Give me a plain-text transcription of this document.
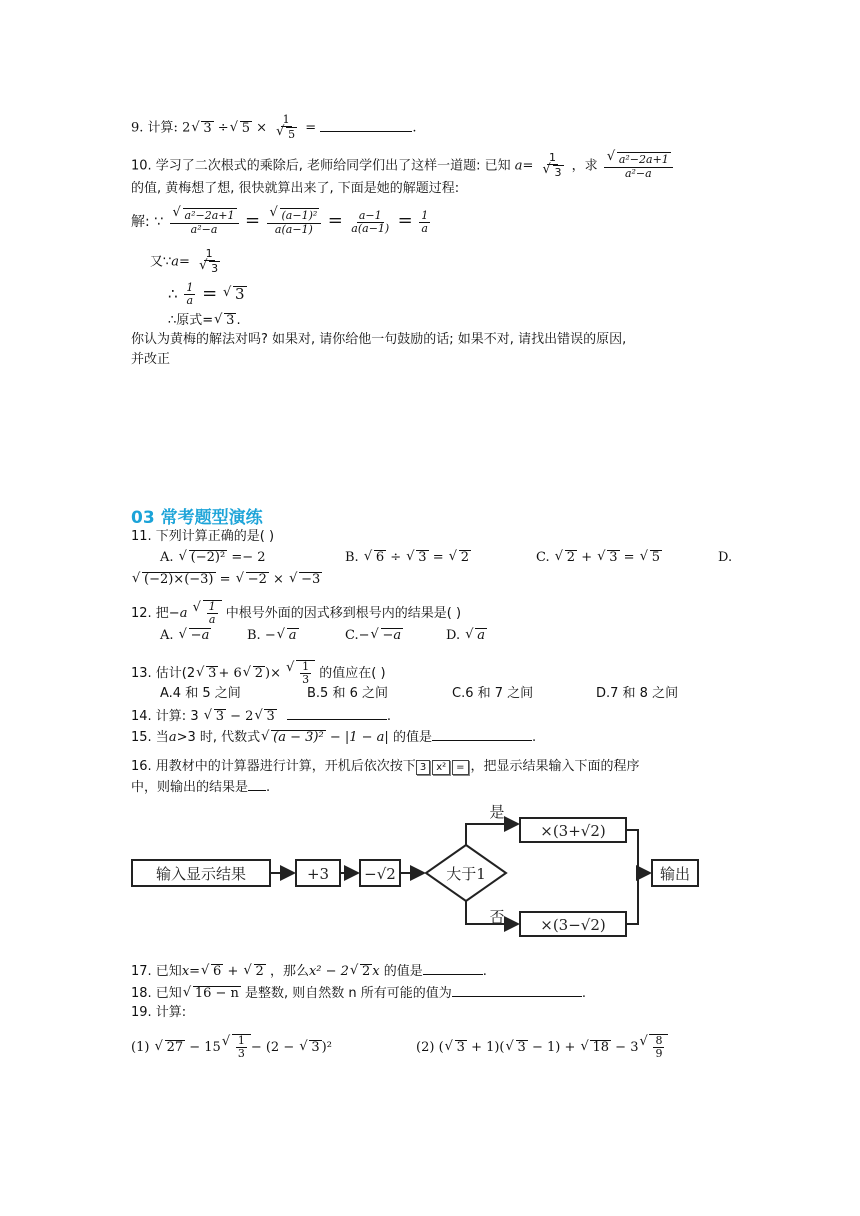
9. 计算: 2 √ 3 ÷ √ 5 × 1
√ 5 =	.
10. 学习了二次根式的乘除后, 老师给同学们出了这样一道题: 已知 a= 1
√ 3 ，求 √ $\frac{\text{a²−2a+1}}{\text{a²−a}}$
的值, 黄梅想了想, 很快就算出来了, 下面是她的解题过程:
解: ∵ √ $\frac{\text{a²−2a+1}}{\text{a²−a}}$ = √ $\frac{\text{(a−1)²}}{a(a-1)} = \frac{a-1}{a(a-1)} = \frac{1}{a}$
又∵a= 1
√ 3
∴ $\frac{1}{a}$ = √ 3
∴原式= √ 3 .
你认为黄梅的解法对吗? 如果对, 请你给他一句鼓励的话; 如果不对, 请找出错误的原因,
并改正
03 常考题型演练
11. 下列计算正确的是( )
A. √ (−2)² =− 2	B. √ 6 ÷ √ 3 = √ 2	C. √ 2 + √ 3 = √ 5	D.
√ (−2)×(−3) = √ −2 × √ −3
12. 把−a √ $\frac{1}{a}$ 中根号外面的因式移到根号内的结果是( )
A. √ −a	B. − √ a	C.− √ −a	D. √ a
13. 估计(2 √ 3 + 6 √ 2 )× √ $\frac{1}{3}$ 的值应在( )
A.4 和 5 之间	B.5 和 6 之间	C.6 和 7 之间	D.7 和 8 之间
14. 计算: 3 √ 3 − 2 √ 3	.
15. 当a>3 时, 代数式 √ (a − 3)² − |1 − a| 的值是	.
16. 用教材中的计算器进行计算，开机后依次按下 3 x² = ，把显示结果输入下面的程序
中，则输出的结果是 .
输入显示结果	+3 −√2	大于1
是
否
×(3+√2)
×(3−√2)
输出
17. 已知x= √ 6 + √ 2 ，那么x² − 2 √ 2 x 的值是	.
18. 已知 √ 16 − n 是整数, 则自然数 n 所有可能的值为	.
19. 计算:
(1) √ 27 − 15 √ $\frac{1}{3} - (2$ − √ 3 )²	(2) ( √ 3 + 1)( √ 3 − 1) + √ 18 − 3 √ $\frac{8}{9}$
